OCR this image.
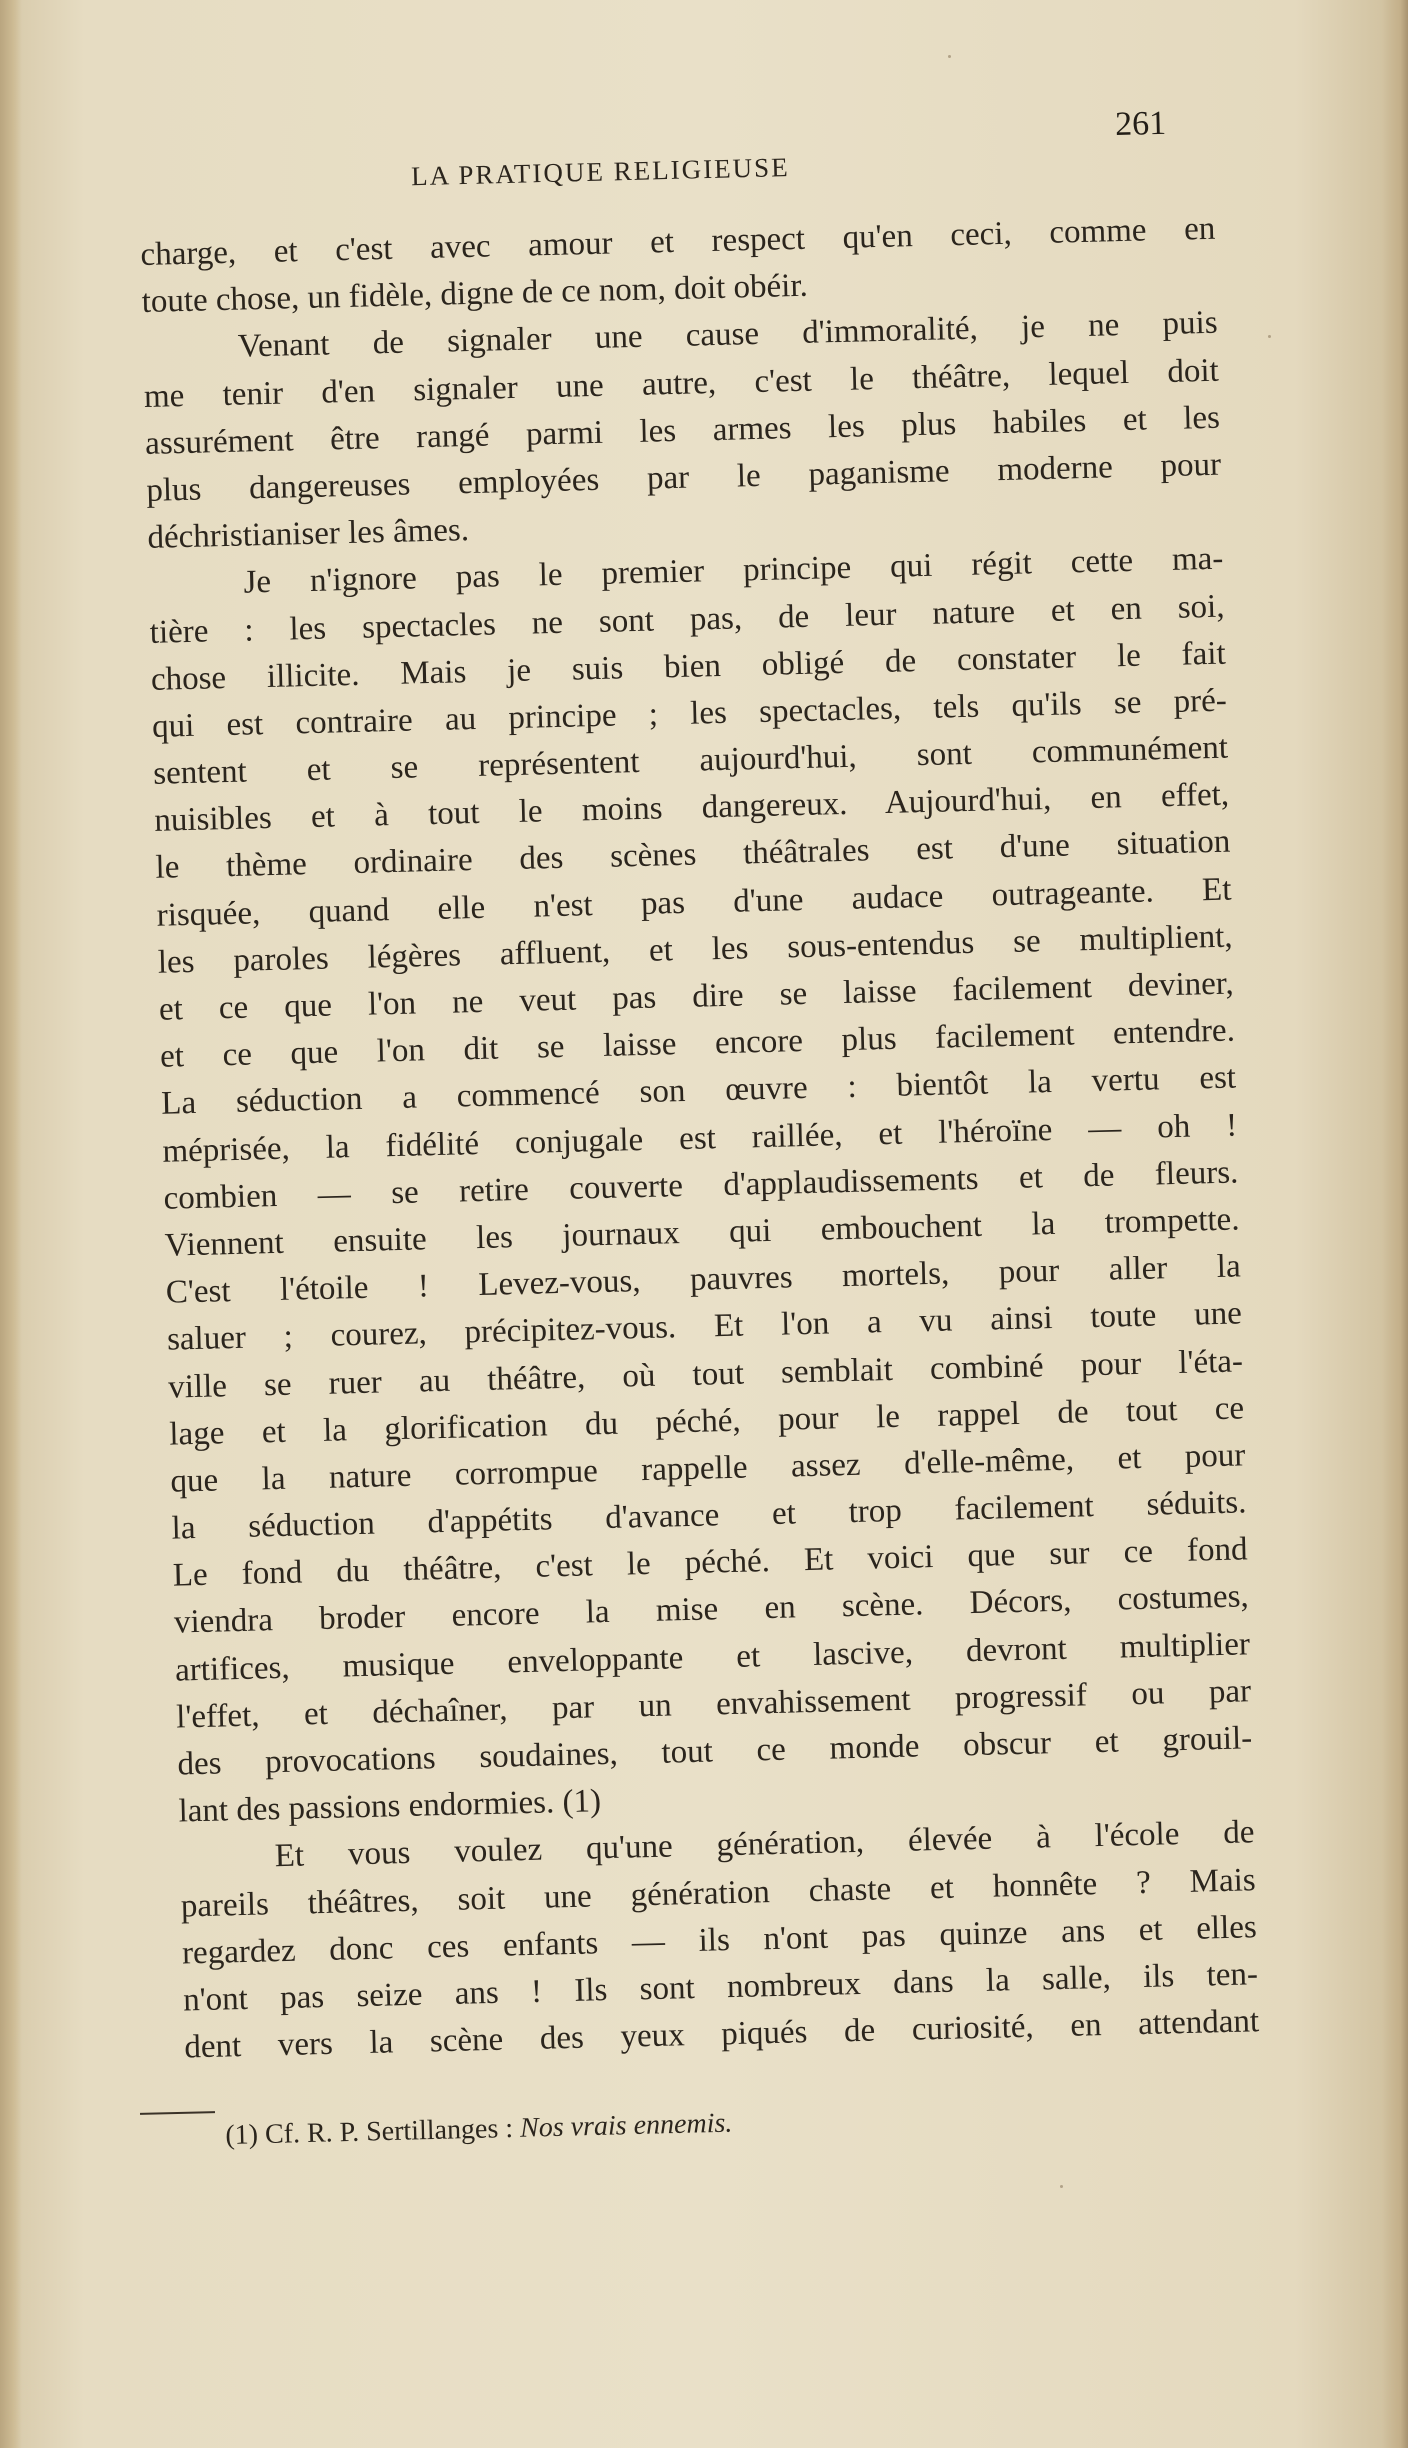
LA PRATIQUE RELIGIEUSE
261
charge, et c'est avec amour et respect qu'en ceci, comme en
toute chose, un fidèle, digne de ce nom, doit obéir.
Venant de signaler une cause d'immoralité, je ne puis
me tenir d'en signaler une autre, c'est le théâtre, lequel doit
assurément être rangé parmi les armes les plus habiles et les
plus dangereuses employées par le paganisme moderne pour
déchristianiser les âmes.
Je n'ignore pas le premier principe qui régit cette ma-
tière : les spectacles ne sont pas, de leur nature et en soi,
chose illicite. Mais je suis bien obligé de constater le fait
qui est contraire au principe ; les spectacles, tels qu'ils se pré-
sentent et se représentent aujourd'hui, sont communément
nuisibles et à tout le moins dangereux. Aujourd'hui, en effet,
le thème ordinaire des scènes théâtrales est d'une situation
risquée, quand elle n'est pas d'une audace outrageante. Et
les paroles légères affluent, et les sous-entendus se multiplient,
et ce que l'on ne veut pas dire se laisse facilement deviner,
et ce que l'on dit se laisse encore plus facilement entendre.
La séduction a commencé son œuvre : bientôt la vertu est
méprisée, la fidélité conjugale est raillée, et l'héroïne — oh !
combien — se retire couverte d'applaudissements et de fleurs.
Viennent ensuite les journaux qui embouchent la trompette.
C'est l'étoile ! Levez-vous, pauvres mortels, pour aller la
saluer ; courez, précipitez-vous. Et l'on a vu ainsi toute une
ville se ruer au théâtre, où tout semblait combiné pour l'éta-
lage et la glorification du péché, pour le rappel de tout ce
que la nature corrompue rappelle assez d'elle-même, et pour
la séduction d'appétits d'avance et trop facilement séduits.
Le fond du théâtre, c'est le péché. Et voici que sur ce fond
viendra broder encore la mise en scène. Décors, costumes,
artifices, musique enveloppante et lascive, devront multiplier
l'effet, et déchaîner, par un envahissement progressif ou par
des provocations soudaines, tout ce monde obscur et grouil-
lant des passions endormies. (1)
Et vous voulez qu'une génération, élevée à l'école de
pareils théâtres, soit une génération chaste et honnête ? Mais
regardez donc ces enfants — ils n'ont pas quinze ans et elles
n'ont pas seize ans ! Ils sont nombreux dans la salle, ils ten-
dent vers la scène des yeux piqués de curiosité, en attendant
(1) Cf. R. P. Sertillanges : Nos vrais ennemis.
